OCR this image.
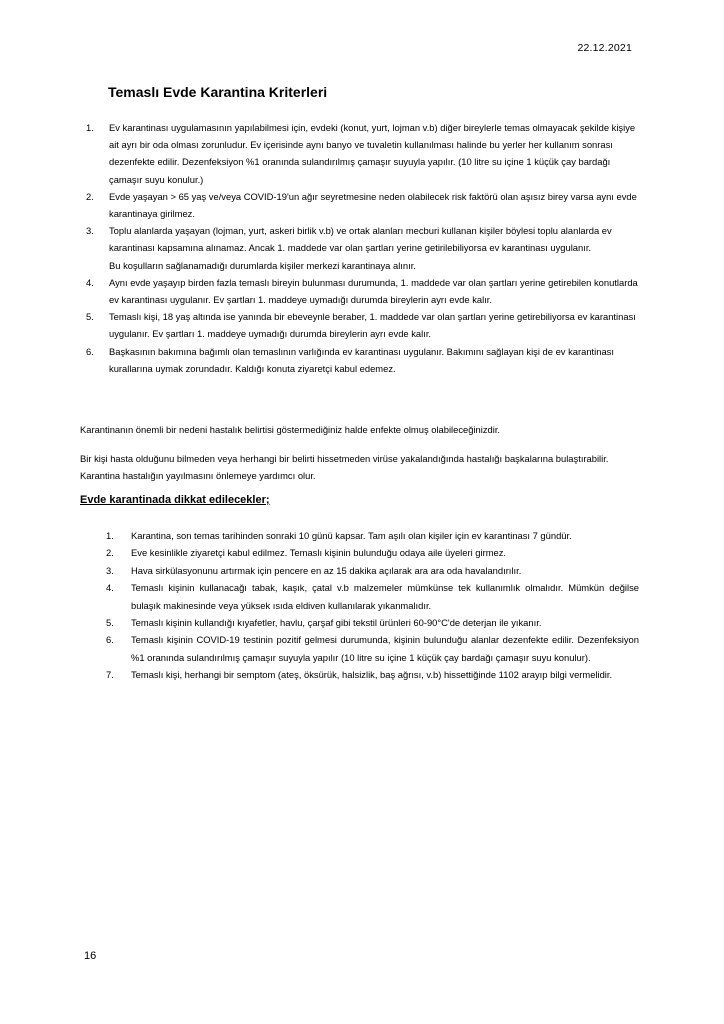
22.12.2021
Temaslı Evde Karantina Kriterleri
1. Ev karantinası uygulamasının yapılabilmesi için, evdeki (konut, yurt, lojman v.b) diğer bireylerle temas olmayacak şekilde kişiye ait ayrı bir oda olması zorunludur. Ev içerisinde aynı banyo ve tuvaletin kullanılması halinde bu yerler her kullanım sonrası dezenfekte edilir. Dezenfeksiyon %1 oranında sulandırılmış çamaşır suyuyla yapılır. (10 litre su içine 1 küçük çay bardağı çamaşır suyu konulur.)
2. Evde yaşayan > 65 yaş ve/veya COVID-19'un ağır seyretmesine neden olabilecek risk faktörü olan aşısız birey varsa aynı evde karantinaya girilmez.
3. Toplu alanlarda yaşayan (lojman, yurt, askeri birlik v.b) ve ortak alanları mecburi kullanan kişiler böylesi toplu alanlarda ev karantinası kapsamına alınamaz. Ancak 1. maddede var olan şartları yerine getirilebiliyorsa ev karantinası uygulanır.
Bu koşulların sağlanamadığı durumlarda kişiler merkezi karantinaya alınır.
4. Aynı evde yaşayıp birden fazla temaslı bireyin bulunması durumunda, 1. maddede var olan şartları yerine getirebilen konutlarda ev karantinası uygulanır. Ev şartları 1. maddeye uymadığı durumda bireylerin ayrı evde kalır.
5. Temaslı kişi, 18 yaş altında ise yanında bir ebeveynle beraber, 1. maddede var olan şartları yerine getirebiliyorsa ev karantinası uygulanır. Ev şartları 1. maddeye uymadığı durumda bireylerin ayrı evde kalır.
6. Başkasının bakımına bağımlı olan temaslının varlığında ev karantinası uygulanır. Bakımını sağlayan kişi de ev karantinası kurallarına uymak zorundadır. Kaldığı konuta ziyaretçi kabul edemez.

Karantinanın önemli bir nedeni hastalık belirtisi göstermediğiniz halde enfekte olmuş olabileceğinizdir.

Bir kişi hasta olduğunu bilmeden veya herhangi bir belirti hissetmeden virüse yakalandığında hastalığı başkalarına bulaştırabilir. Karantina hastalığın yayılmasını önlemeye yardımcı olur.

Evde karantinada dikkat edilecekler;
1. Karantina, son temas tarihinden sonraki 10 günü kapsar. Tam aşılı olan kişiler için ev karantinası 7 gündür.
2. Eve kesinlikle ziyaretçi kabul edilmez. Temaslı kişinin bulunduğu odaya aile üyeleri girmez.
3. Hava sirkülasyonunu artırmak için pencere en az 15 dakika açılarak ara ara oda havalandırılır.
4. Temaslı kişinin kullanacağı tabak, kaşık, çatal v.b malzemeler mümkünse tek kullanımlık olmalıdır. Mümkün değilse bulaşık makinesinde veya yüksek ısıda eldiven kullanılarak yıkanmalıdır.
5. Temaslı kişinin kullandığı kıyafetler, havlu, çarşaf gibi tekstil ürünleri 60-90°C'de deterjan ile yıkanır.
6. Temaslı kişinin COVID-19 testinin pozitif gelmesi durumunda, kişinin bulunduğu alanlar dezenfekte edilir. Dezenfeksiyon %1 oranında sulandırılmış çamaşır suyuyla yapılır (10 litre su içine 1 küçük çay bardağı çamaşır suyu konulur).
7. Temaslı kişi, herhangi bir semptom (ateş, öksürük, halsizlik, baş ağrısı, v.b) hissettiğinde 1102 arayıp bilgi vermelidir.
16
